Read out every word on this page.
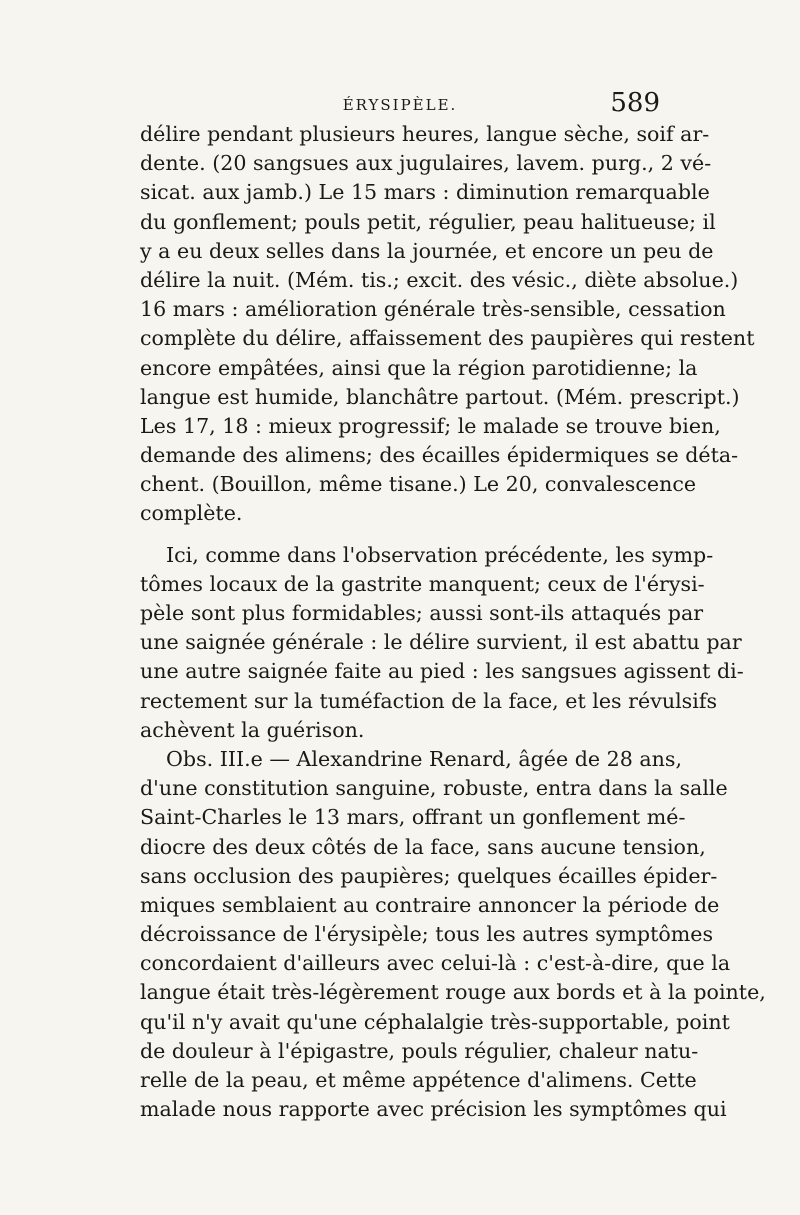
ÉRYSIPÈLE.	589
délire pendant plusieurs heures, langue sèche, soif ar-
dente. (20 sangsues aux jugulaires, lavem. purg., 2 vé-
sicat. aux jamb.) Le 15 mars : diminution remarquable
du gonflement; pouls petit, régulier, peau halitueuse; il
y a eu deux selles dans la journée, et encore un peu de
délire la nuit. (Mém. tis.; excit. des vésic., diète absolue.)
16 mars : amélioration générale très-sensible, cessation
complète du délire, affaissement des paupières qui restent
encore empâtées, ainsi que la région parotidienne; la
langue est humide, blanchâtre partout. (Mém. prescript.)
Les 17, 18 : mieux progressif; le malade se trouve bien,
demande des alimens; des écailles épidermiques se déta-
chent. (Bouillon, même tisane.) Le 20, convalescence
complète.
Ici, comme dans l'observation précédente, les symp-
tômes locaux de la gastrite manquent; ceux de l'érysi-
pèle sont plus formidables; aussi sont-ils attaqués par
une saignée générale : le délire survient, il est abattu par
une autre saignée faite au pied : les sangsues agissent di-
rectement sur la tuméfaction de la face, et les révulsifs
achèvent la guérison.
Obs. III.e — Alexandrine Renard, âgée de 28 ans,
d'une constitution sanguine, robuste, entra dans la salle
Saint-Charles le 13 mars, offrant un gonflement mé-
diocre des deux côtés de la face, sans aucune tension,
sans occlusion des paupières; quelques écailles épider-
miques semblaient au contraire annoncer la période de
décroissance de l'érysipèle; tous les autres symptômes
concordaient d'ailleurs avec celui-là : c'est-à-dire, que la
langue était très-légèrement rouge aux bords et à la pointe,
qu'il n'y avait qu'une céphalalgie très-supportable, point
de douleur à l'épigastre, pouls régulier, chaleur natu-
relle de la peau, et même appétence d'alimens. Cette
malade nous rapporte avec précision les symptômes qui
